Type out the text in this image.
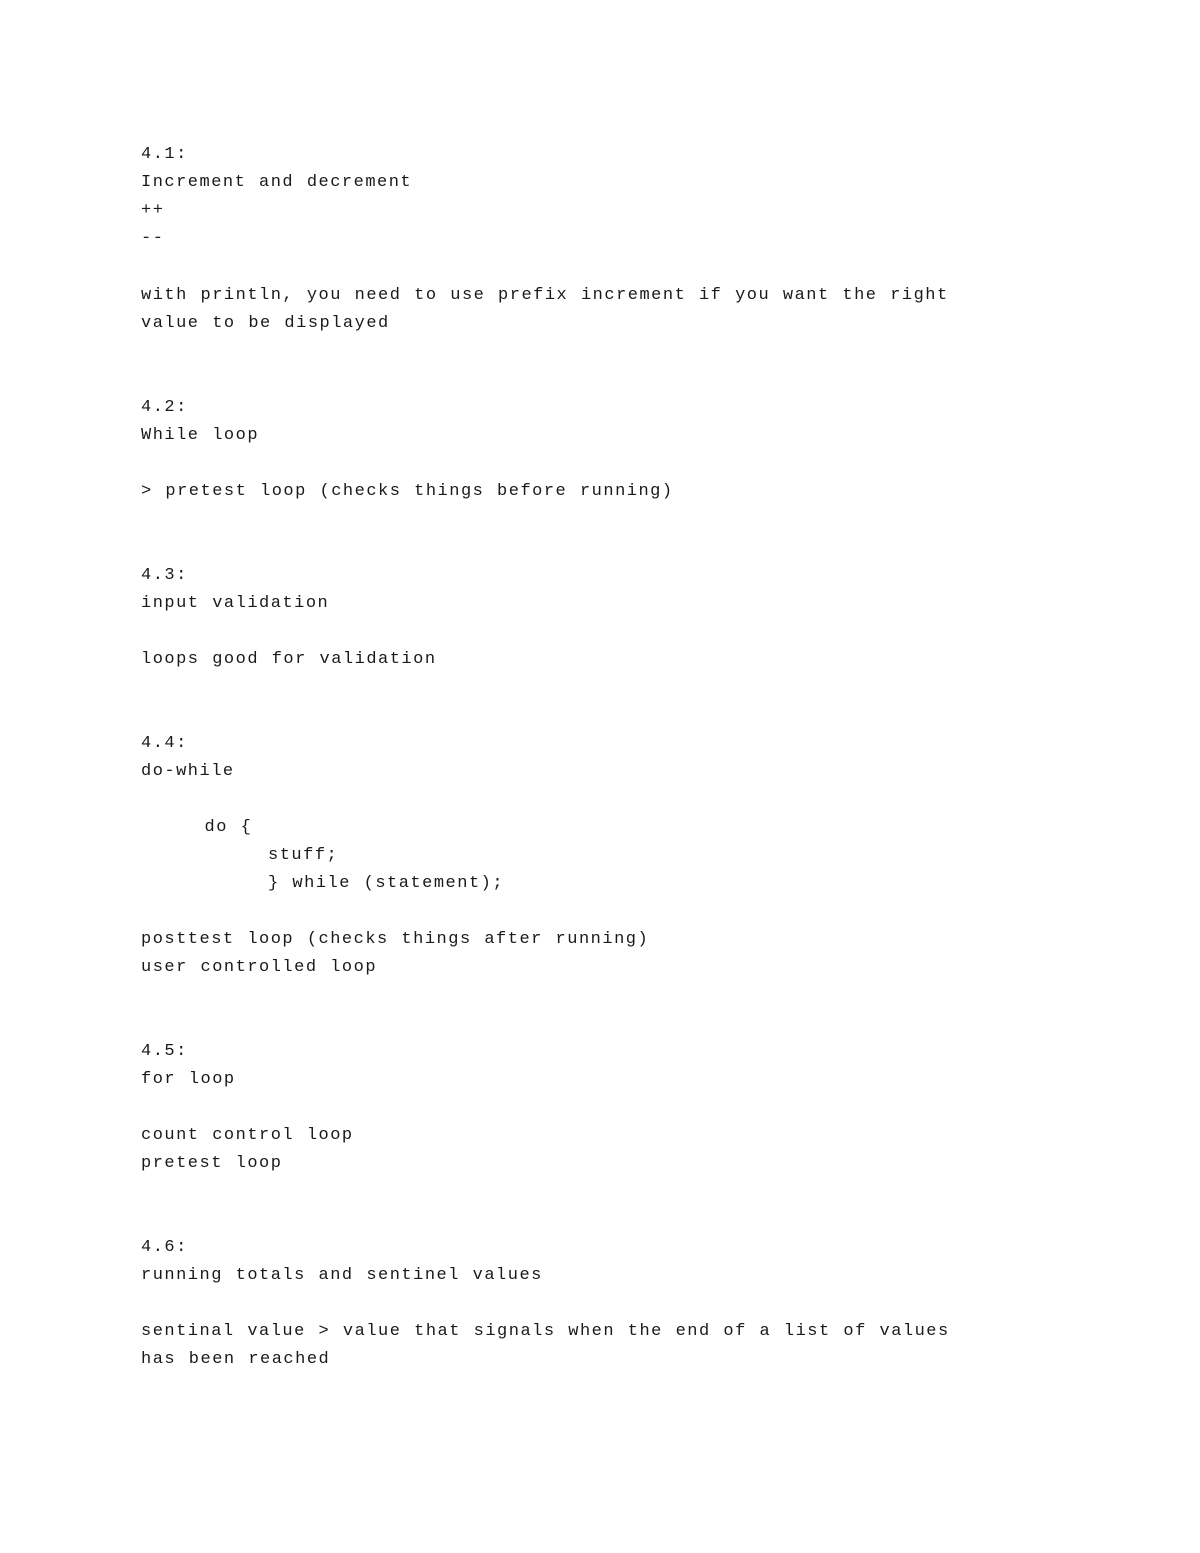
4.1:
Increment and decrement
++
--
with println, you need to use prefix increment if you want the right
value to be displayed
4.2:
While loop
> pretest loop (checks things before running)
4.3:
input validation
loops good for validation
4.4:
do-while
do {
stuff;
} while (statement);
posttest loop (checks things after running)
user controlled loop
4.5:
for loop
count control loop
pretest loop
4.6:
running totals and sentinel values
sentinal value > value that signals when the end of a list of values
has been reached
